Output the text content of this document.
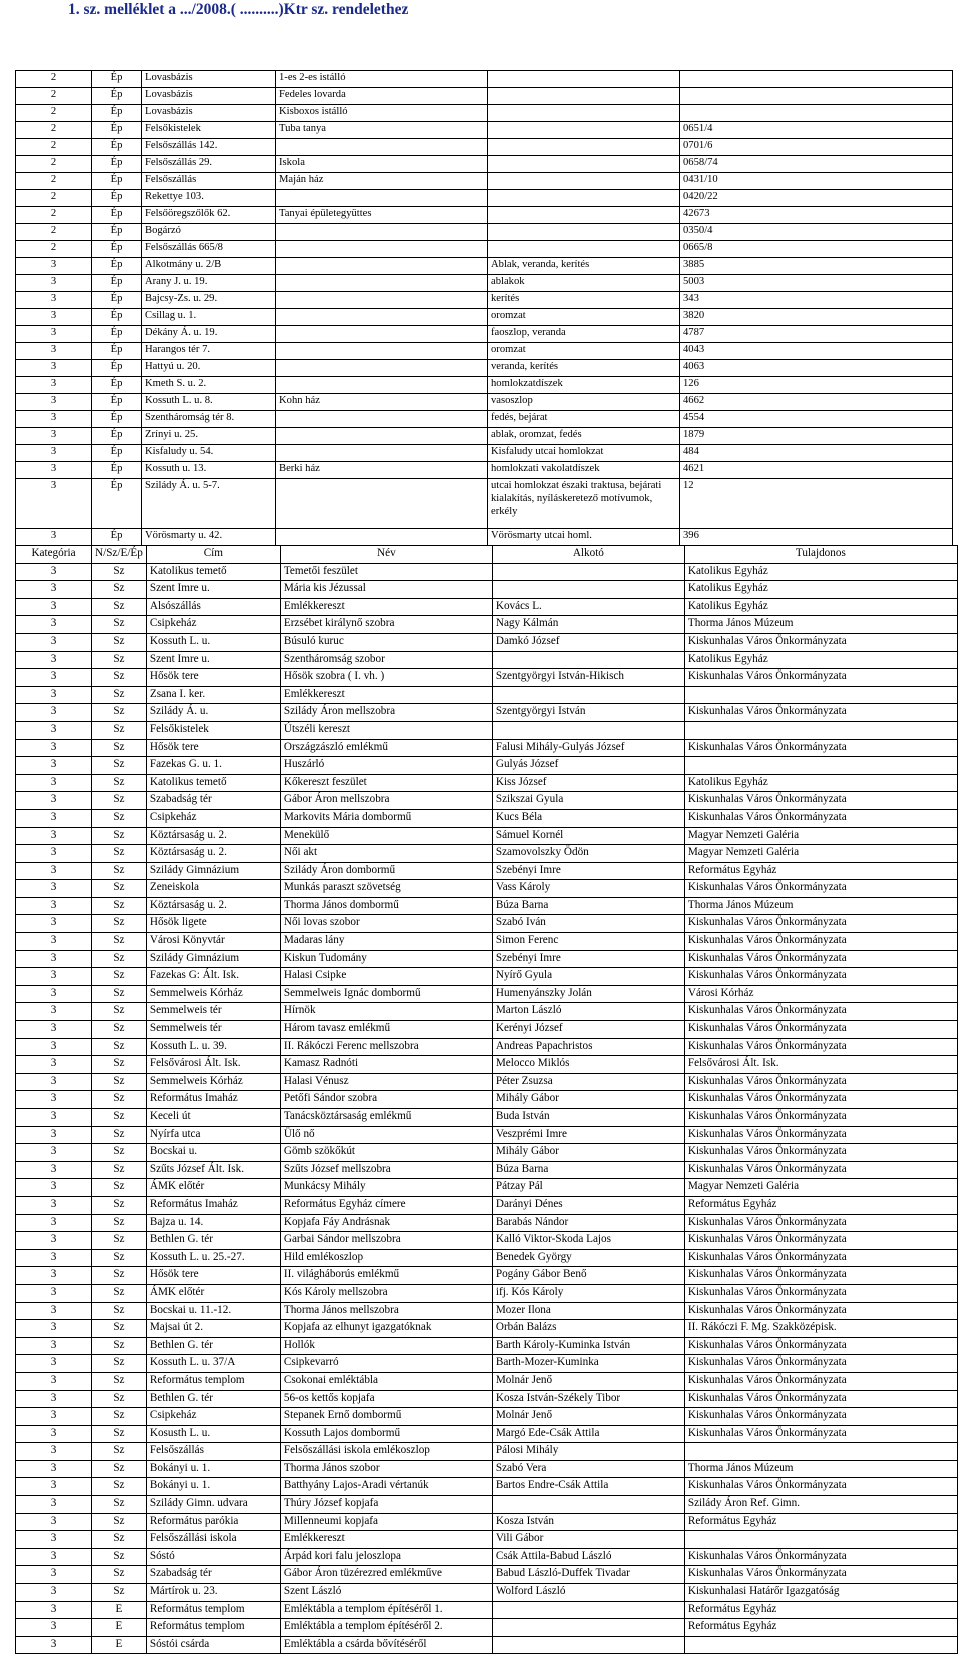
1. sz. melléklet a .../2008.( ..........)Ktr sz. rendelethez
2	Ép	Lovasbázis	1-es 2-es istálló		
2	Ép	Lovasbázis	Fedeles lovarda		
2	Ép	Lovasbázis	Kisboxos istálló		
2	Ép	Felsőkistelek	Tuba tanya		0651/4
2	Ép	Felsőszállás 142.			0701/6
2	Ép	Felsőszállás 29.	Iskola		0658/74
2	Ép	Felsőszállás	Maján ház		0431/10
2	Ép	Rekettye 103.			0420/22
2	Ép	Felsőöregszőlők 62.	Tanyai épületegyüttes		42673
2	Ép	Bogárzó			0350/4
2	Ép	Felsőszállás 665/8			0665/8
3	Ép	Alkotmány u. 2/B		Ablak, veranda, kerítés	3885
3	Ép	Arany J. u. 19.		ablakok	5003
3	Ép	Bajcsy-Zs. u. 29.		kerítés	343
3	Ép	Csillag u. 1.		oromzat	3820
3	Ép	Dékány Á. u. 19.		faoszlop, veranda	4787
3	Ép	Harangos tér 7.		oromzat	4043
3	Ép	Hattyú u. 20.		veranda, kerítés	4063
3	Ép	Kmeth S. u. 2.		homlokzatdíszek	126
3	Ép	Kossuth L. u. 8.	Kohn ház	vasoszlop	4662
3	Ép	Szentháromság tér 8.		fedés, bejárat	4554
3	Ép	Zrínyi u. 25.		ablak, oromzat, fedés	1879
3	Ép	Kisfaludy u. 54.		Kisfaludy utcai homlokzat	484
3	Ép	Kossuth u. 13.	Berki ház	homlokzati vakolatdíszek	4621
3	Ép	Szilády Á. u. 5-7.		utcai homlokzat északi traktusa, bejárati kialakítás, nyíláskeretező motívumok, erkély	12
3	Ép	Vörösmarty u. 42.		Vörösmarty utcai homl.	396
Kategória	N/Sz/E/Ép	Cím	Név	Alkotó	Tulajdonos
3	Sz	Katolikus temető	Temetői feszület		Katolikus Egyház
3	Sz	Szent Imre u.	Mária kis Jézussal		Katolikus Egyház
3	Sz	Alsószállás	Emlékkereszt	Kovács L.	Katolikus Egyház
3	Sz	Csipkeház	Erzsébet királynő szobra	Nagy Kálmán	Thorma János Múzeum
3	Sz	Kossuth L. u.	Búsuló kuruc	Damkó József	Kiskunhalas Város Önkormányzata
3	Sz	Szent Imre u.	Szentháromság szobor		Katolikus Egyház
3	Sz	Hősök tere	Hősök szobra ( I. vh. )	Szentgyörgyi István-Hikisch	Kiskunhalas Város Önkormányzata
3	Sz	Zsana I. ker.	Emlékkereszt		
3	Sz	Szilády Á. u.	Szilády Áron mellszobra	Szentgyörgyi István	Kiskunhalas Város Önkormányzata
3	Sz	Felsőkistelek	Útszéli kereszt		
3	Sz	Hősök tere	Országzászló emlékmű	Falusi Mihály-Gulyás József	Kiskunhalas Város Önkormányzata
3	Sz	Fazekas G. u. 1.	Huszárló	Gulyás József	
3	Sz	Katolikus temető	Kőkereszt feszület	Kiss József	Katolikus Egyház
3	Sz	Szabadság tér	Gábor Áron mellszobra	Szikszai Gyula	Kiskunhalas Város Önkormányzata
3	Sz	Csipkeház	Markovits Mária dombormű	Kucs Béla	Kiskunhalas Város Önkormányzata
3	Sz	Köztársaság u. 2.	Menekülő	Sámuel Kornél	Magyar Nemzeti Galéria
3	Sz	Köztársaság u. 2.	Női akt	Szamovolszky Ödön	Magyar Nemzeti Galéria
3	Sz	Szilády Gimnázium	Szilády Áron dombormű	Szebényi Imre	Református Egyház
3	Sz	Zeneiskola	Munkás paraszt szövetség	Vass Károly	Kiskunhalas Város Önkormányzata
3	Sz	Köztársaság u. 2.	Thorma János dombormű	Búza Barna	Thorma János Múzeum
3	Sz	Hősök ligete	Női lovas szobor	Szabó Iván	Kiskunhalas Város Önkormányzata
3	Sz	Városi Könyvtár	Madaras lány	Simon Ferenc	Kiskunhalas Város Önkormányzata
3	Sz	Szilády Gimnázium	Kiskun Tudomány	Szebényi Imre	Kiskunhalas Város Önkormányzata
3	Sz	Fazekas G: Ált. Isk.	Halasi Csipke	Nyírő Gyula	Kiskunhalas Város Önkormányzata
3	Sz	Semmelweis Kórház	Semmelweis Ignác dombormű	Humenyánszky Jolán	Városi Kórház
3	Sz	Semmelweis tér	Hírnök	Marton László	Kiskunhalas Város Önkormányzata
3	Sz	Semmelweis tér	Három tavasz emlékmű	Kerényi József	Kiskunhalas Város Önkormányzata
3	Sz	Kossuth L. u. 39.	II. Rákóczi Ferenc mellszobra	Andreas Papachristos	Kiskunhalas Város Önkormányzata
3	Sz	Felsővárosi Ált. Isk.	Kamasz Radnóti	Melocco Miklós	Felsővárosi Ált. Isk.
3	Sz	Semmelweis Kórház	Halasi Vénusz	Péter Zsuzsa	Kiskunhalas Város Önkormányzata
3	Sz	Református Imaház	Petőfi Sándor szobra	Mihály Gábor	Kiskunhalas Város Önkormányzata
3	Sz	Keceli út	Tanácsköztársaság emlékmű	Buda István	Kiskunhalas Város Önkormányzata
3	Sz	Nyírfa utca	Ülő nő	Veszprémi Imre	Kiskunhalas Város Önkormányzata
3	Sz	Bocskai u.	Gömb szökőkút	Mihály Gábor	Kiskunhalas Város Önkormányzata
3	Sz	Szűts József Ált. Isk.	Szűts József mellszobra	Búza Barna	Kiskunhalas Város Önkormányzata
3	Sz	ÁMK előtér	Munkácsy Mihály	Pátzay Pál	Magyar Nemzeti Galéria
3	Sz	Református Imaház	Református Egyház címere	Darányi Dénes	Református Egyház
3	Sz	Bajza u. 14.	Kopjafa Fáy Andrásnak	Barabás Nándor	Kiskunhalas Város Önkormányzata
3	Sz	Bethlen G. tér	Garbai Sándor mellszobra	Kalló Viktor-Skoda Lajos	Kiskunhalas Város Önkormányzata
3	Sz	Kossuth L. u. 25.-27.	Hild emlékoszlop	Benedek György	Kiskunhalas Város Önkormányzata
3	Sz	Hősök tere	II. világháborús emlékmű	Pogány Gábor Benő	Kiskunhalas Város Önkormányzata
3	Sz	ÁMK előtér	Kós Károly mellszobra	ifj. Kós Károly	Kiskunhalas Város Önkormányzata
3	Sz	Bocskai u. 11.-12.	Thorma János mellszobra	Mozer Ilona	Kiskunhalas Város Önkormányzata
3	Sz	Majsai út 2.	Kopjafa az elhunyt igazgatóknak	Orbán Balázs	II. Rákóczi F. Mg. Szakközépisk.
3	Sz	Bethlen G. tér	Hollók	Barth Károly-Kuminka István	Kiskunhalas Város Önkormányzata
3	Sz	Kossuth L. u. 37/A	Csipkevarró	Barth-Mozer-Kuminka	Kiskunhalas Város Önkormányzata
3	Sz	Református templom	Csokonai emléktábla	Molnár Jenő	Kiskunhalas Város Önkormányzata
3	Sz	Bethlen G. tér	56-os kettős kopjafa	Kosza István-Székely Tibor	Kiskunhalas Város Önkormányzata
3	Sz	Csipkeház	Stepanek Ernő dombormű	Molnár Jenő	Kiskunhalas Város Önkormányzata
3	Sz	Kosusth L. u.	Kossuth Lajos dombormű	Margó Ede-Csák Attila	Kiskunhalas Város Önkormányzata
3	Sz	Felsőszállás	Felsőszállási iskola emlékoszlop	Pálosi Mihály	
3	Sz	Bokányi u. 1.	Thorma János szobor	Szabó Vera	Thorma János Múzeum
3	Sz	Bokányi u. 1.	Batthyány Lajos-Aradi vértanúk	Bartos Endre-Csák Attila	Kiskunhalas Város Önkormányzata
3	Sz	Szilády Gimn. udvara	Thúry József kopjafa		Szilády Áron Ref. Gimn.
3	Sz	Református parókia	Millenneumi kopjafa	Kosza István	Református Egyház
3	Sz	Felsőszállási iskola	Emlékkereszt	Vili Gábor	
3	Sz	Sóstó	Árpád kori falu jeloszlopa	Csák Attila-Babud László	Kiskunhalas Város Önkormányzata
3	Sz	Szabadság tér	Gábor Áron tüzérezred emlékműve	Babud László-Duffek Tivadar	Kiskunhalas Város Önkormányzata
3	Sz	Mártírok u. 23.	Szent László	Wolford László	Kiskunhalasi Határőr Igazgatóság
3	E	Református templom	Emléktábla a templom építéséről 1.		Református Egyház
3	E	Református templom	Emléktábla a templom építéséről 2.		Református Egyház
3	E	Sóstói csárda	Emléktábla a csárda bővítéséről		
